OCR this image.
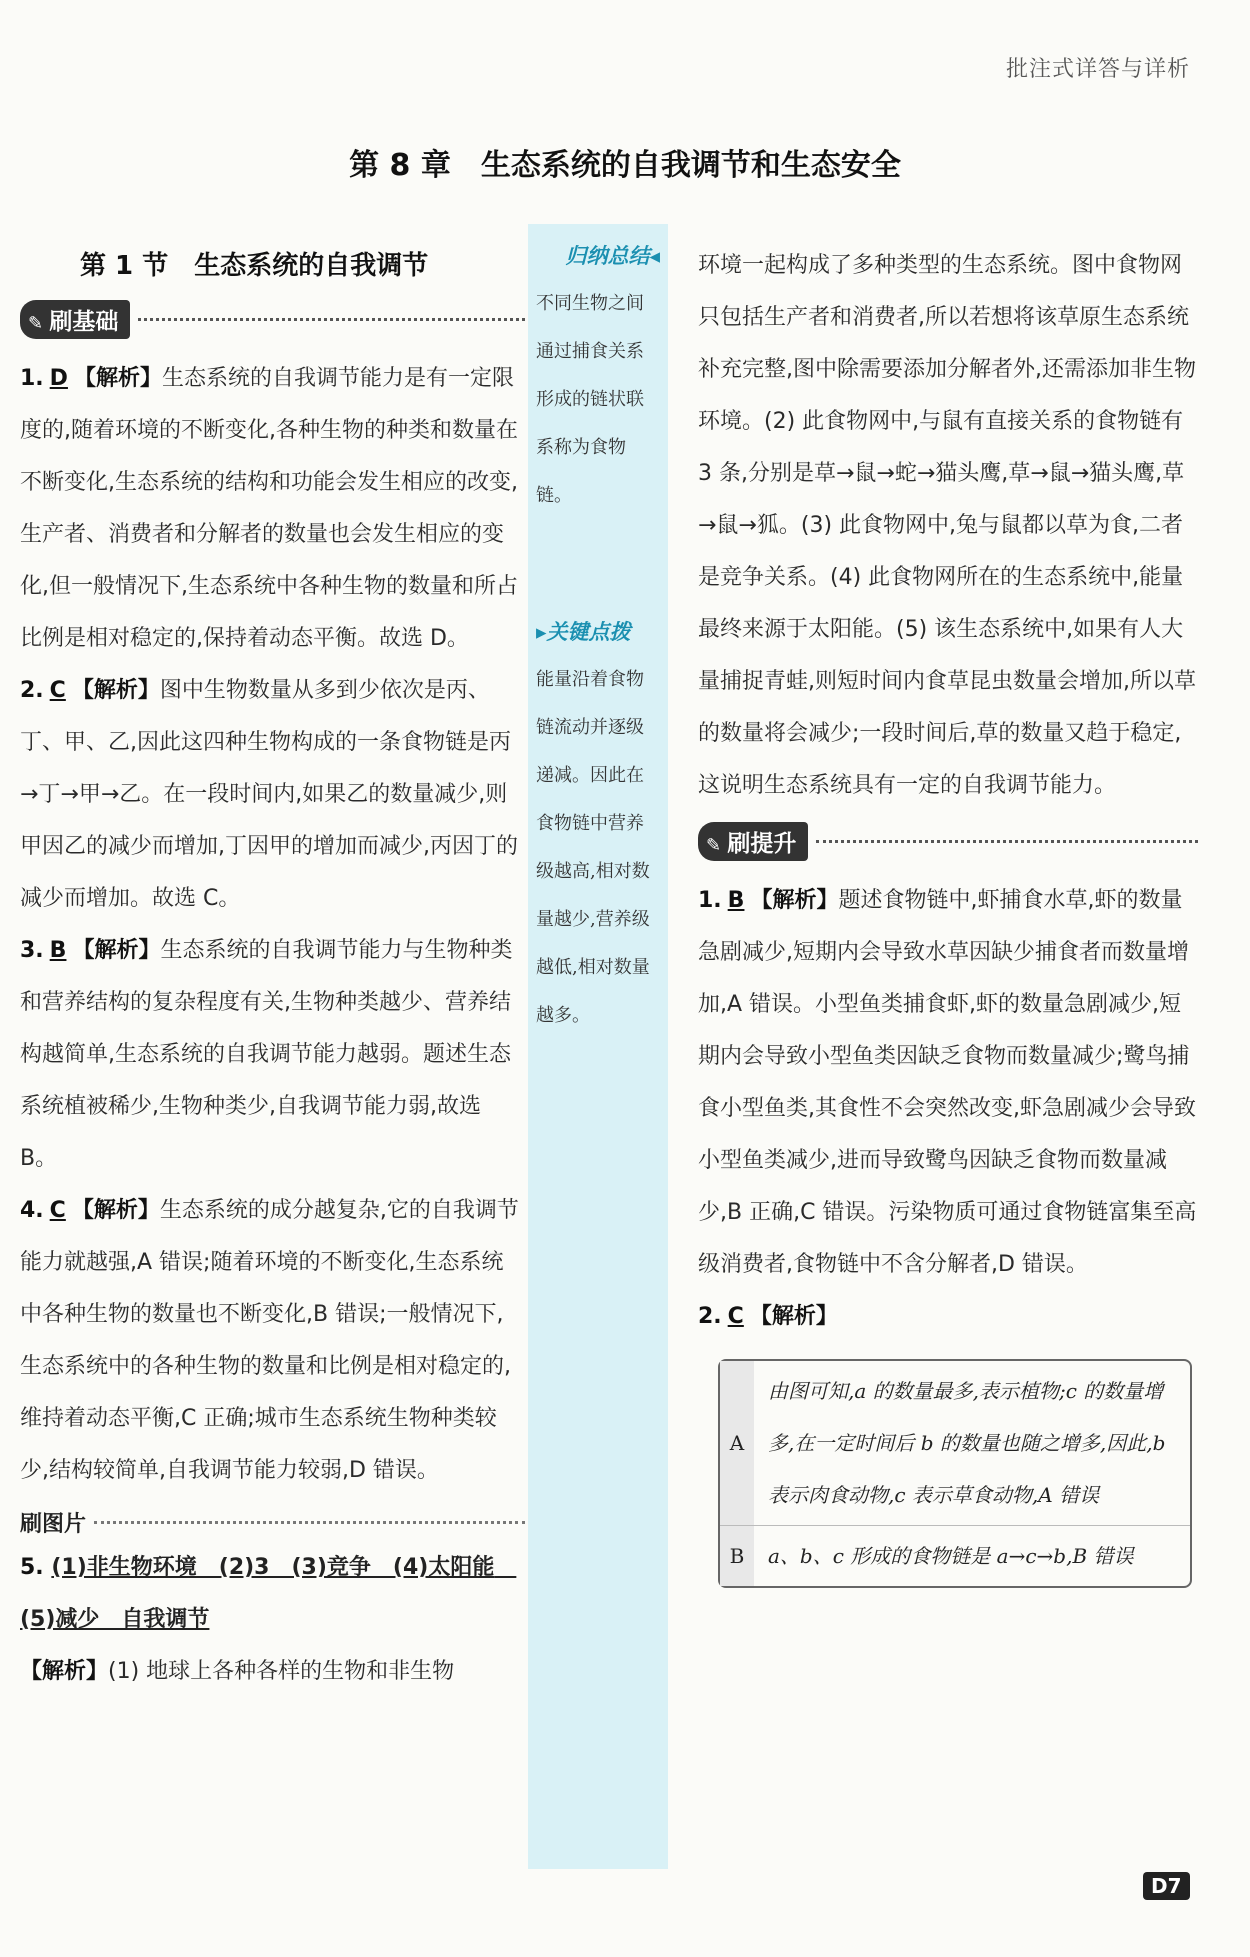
批注式详答与详析
第 8 章　生态系统的自我调节和生态安全
第 1 节　生态系统的自我调节
✎ 刷基础

1. D 【解析】生态系统的自我调节能力是有一定限度的,随着环境的不断变化,各种生物的种类和数量在不断变化,生态系统的结构和功能会发生相应的改变,生产者、消费者和分解者的数量也会发生相应的变化,但一般情况下,生态系统中各种生物的数量和所占比例是相对稳定的,保持着动态平衡。故选 D。

2. C 【解析】图中生物数量从多到少依次是丙、丁、甲、乙,因此这四种生物构成的一条食物链是丙→丁→甲→乙。在一段时间内,如果乙的数量减少,则甲因乙的减少而增加,丁因甲的增加而减少,丙因丁的减少而增加。故选 C。

3. B 【解析】生态系统的自我调节能力与生物种类和营养结构的复杂程度有关,生物种类越少、营养结构越简单,生态系统的自我调节能力越弱。题述生态系统植被稀少,生物种类少,自我调节能力弱,故选 B。

4. C 【解析】生态系统的成分越复杂,它的自我调节能力就越强,A 错误;随着环境的不断变化,生态系统中各种生物的数量也不断变化,B 错误;一般情况下,生态系统中的各种生物的数量和比例是相对稳定的,维持着动态平衡,C 正确;城市生态系统生物种类较少,结构较简单,自我调节能力较弱,D 错误。

刷图片
5. (1)非生物环境　(2)3　(3)竞争　(4)太阳能　(5)减少　自我调节

【解析】(1) 地球上各种各样的生物和非生物

归纳总结◂
不同生物之间通过捕食关系形成的链状联系称为食物链。
▸关键点拨
能量沿着食物链流动并逐级递减。因此在食物链中营养级越高,相对数量越少,营养级越低,相对数量越多。

环境一起构成了多种类型的生态系统。图中食物网只包括生产者和消费者,所以若想将该草原生态系统补充完整,图中除需要添加分解者外,还需添加非生物环境。(2) 此食物网中,与鼠有直接关系的食物链有 3 条,分别是草→鼠→蛇→猫头鹰,草→鼠→猫头鹰,草→鼠→狐。(3) 此食物网中,兔与鼠都以草为食,二者是竞争关系。(4) 此食物网所在的生态系统中,能量最终来源于太阳能。(5) 该生态系统中,如果有人大量捕捉青蛙,则短时间内食草昆虫数量会增加,所以草的数量将会减少;一段时间后,草的数量又趋于稳定,这说明生态系统具有一定的自我调节能力。

✎ 刷提升

1. B 【解析】题述食物链中,虾捕食水草,虾的数量急剧减少,短期内会导致水草因缺少捕食者而数量增加,A 错误。小型鱼类捕食虾,虾的数量急剧减少,短期内会导致小型鱼类因缺乏食物而数量减少;鹭鸟捕食小型鱼类,其食性不会突然改变,虾急剧减少会导致小型鱼类减少,进而导致鹭鸟因缺乏食物而数量减少,B 正确,C 错误。污染物质可通过食物链富集至高级消费者,食物链中不含分解者,D 错误。

2. C 【解析】

A
由图可知,a 的数量最多,表示植物;c 的数量增多,在一定时间后 b 的数量也随之增多,因此,b 表示肉食动物,c 表示草食动物,A 错误
B	a、b、c 形成的食物链是 a→c→b,B 错误
D7
